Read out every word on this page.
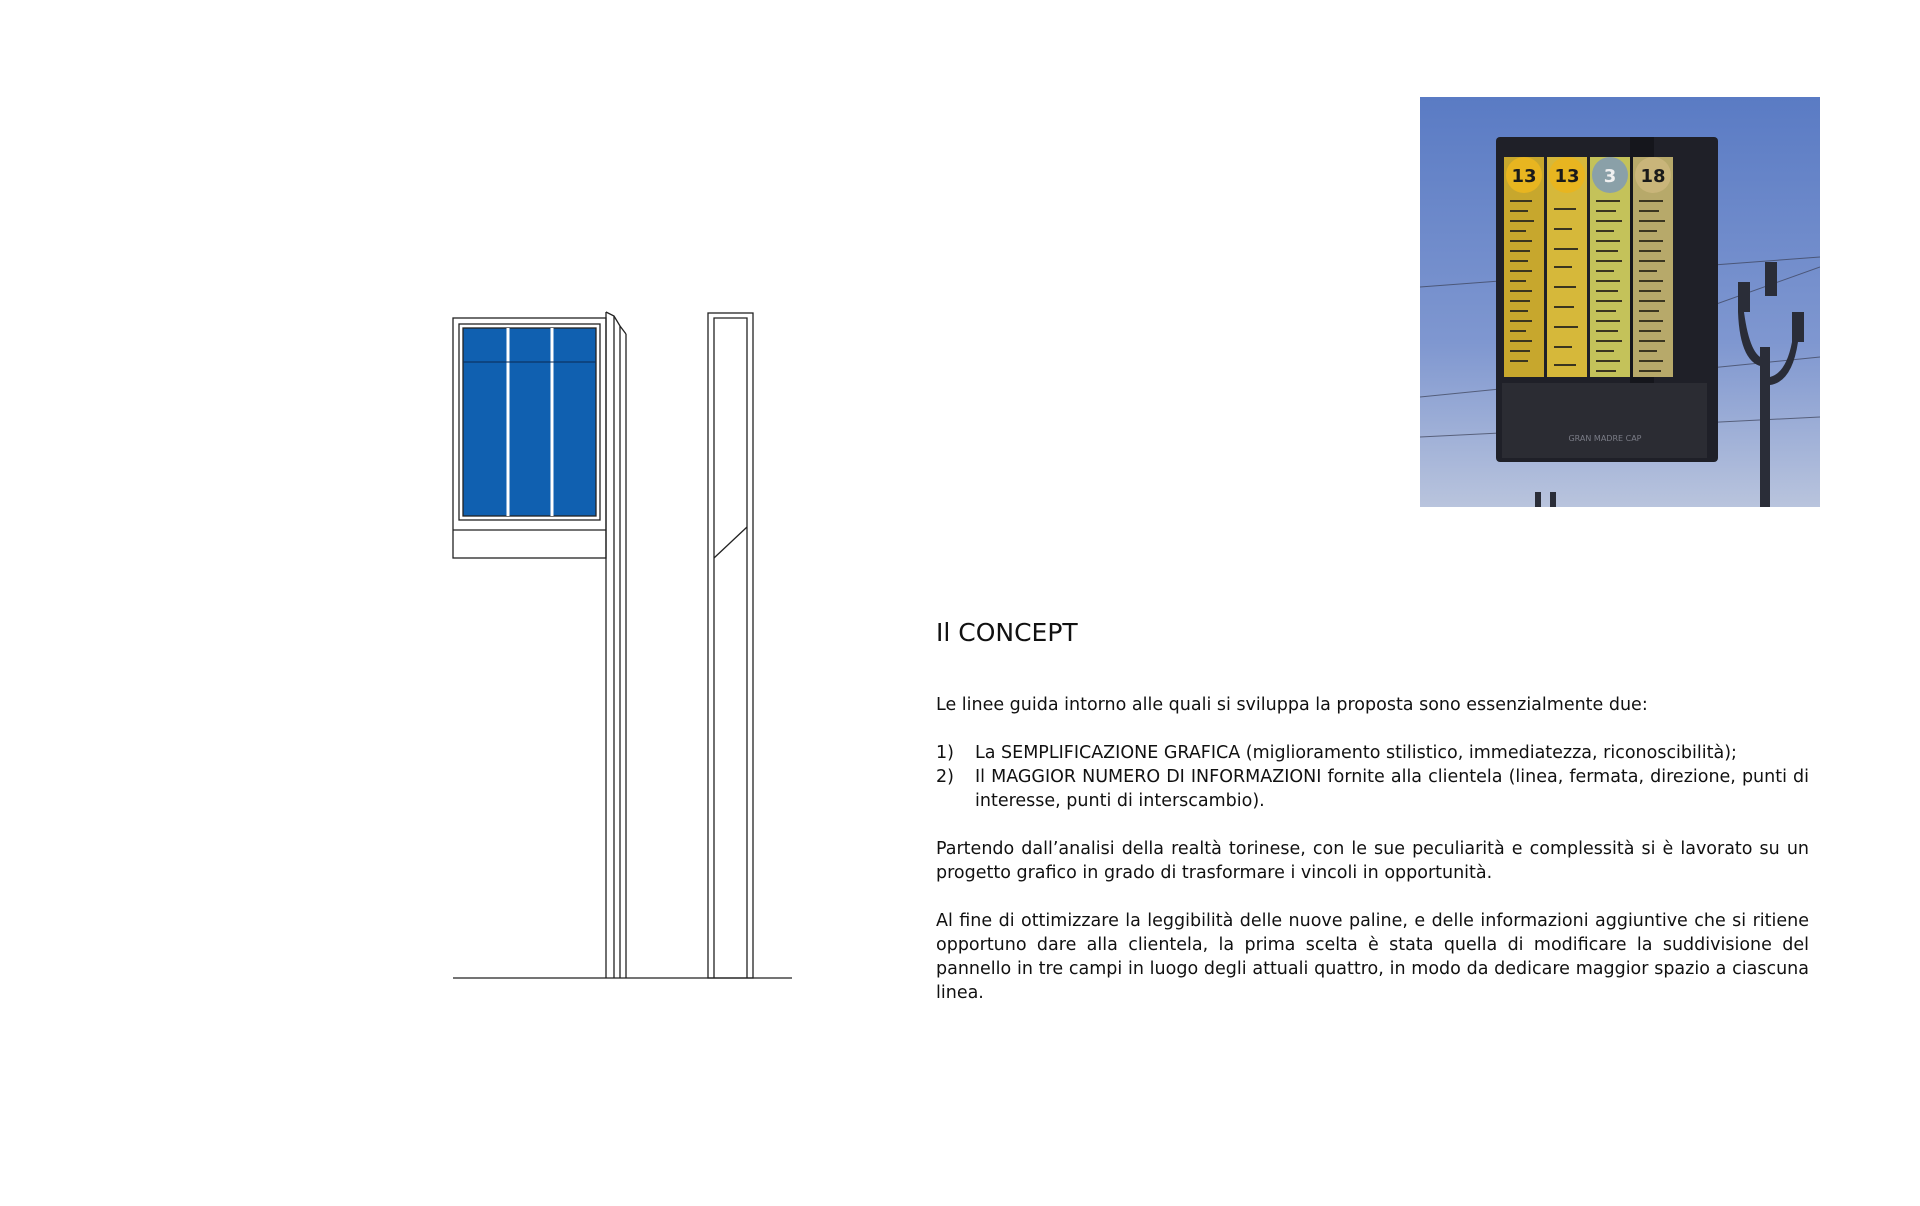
13 13 3 18
GRAN MADRE CAP
Il CONCEPT

Le linee guida intorno alle quali si sviluppa la proposta sono essenzialmente due:

1)	La SEMPLIFICAZIONE GRAFICA (miglioramento stilistico, immediatezza, riconoscibilità);
2)	Il MAGGIOR NUMERO DI INFORMAZIONI fornite alla clientela (linea, fermata, direzione, punti di interesse, punti di interscambio).

Partendo dall’analisi della realtà torinese, con le sue peculiarità e complessità si è lavorato su un progetto grafico in grado di trasformare i vincoli in opportunità.

Al fine di ottimizzare la leggibilità delle nuove paline, e delle informazioni aggiuntive che si ritiene opportuno dare alla clientela, la prima scelta è stata quella di modificare la suddivisione del pannello in tre campi in luogo degli attuali quattro, in modo da dedicare maggior spazio a ciascuna linea.
